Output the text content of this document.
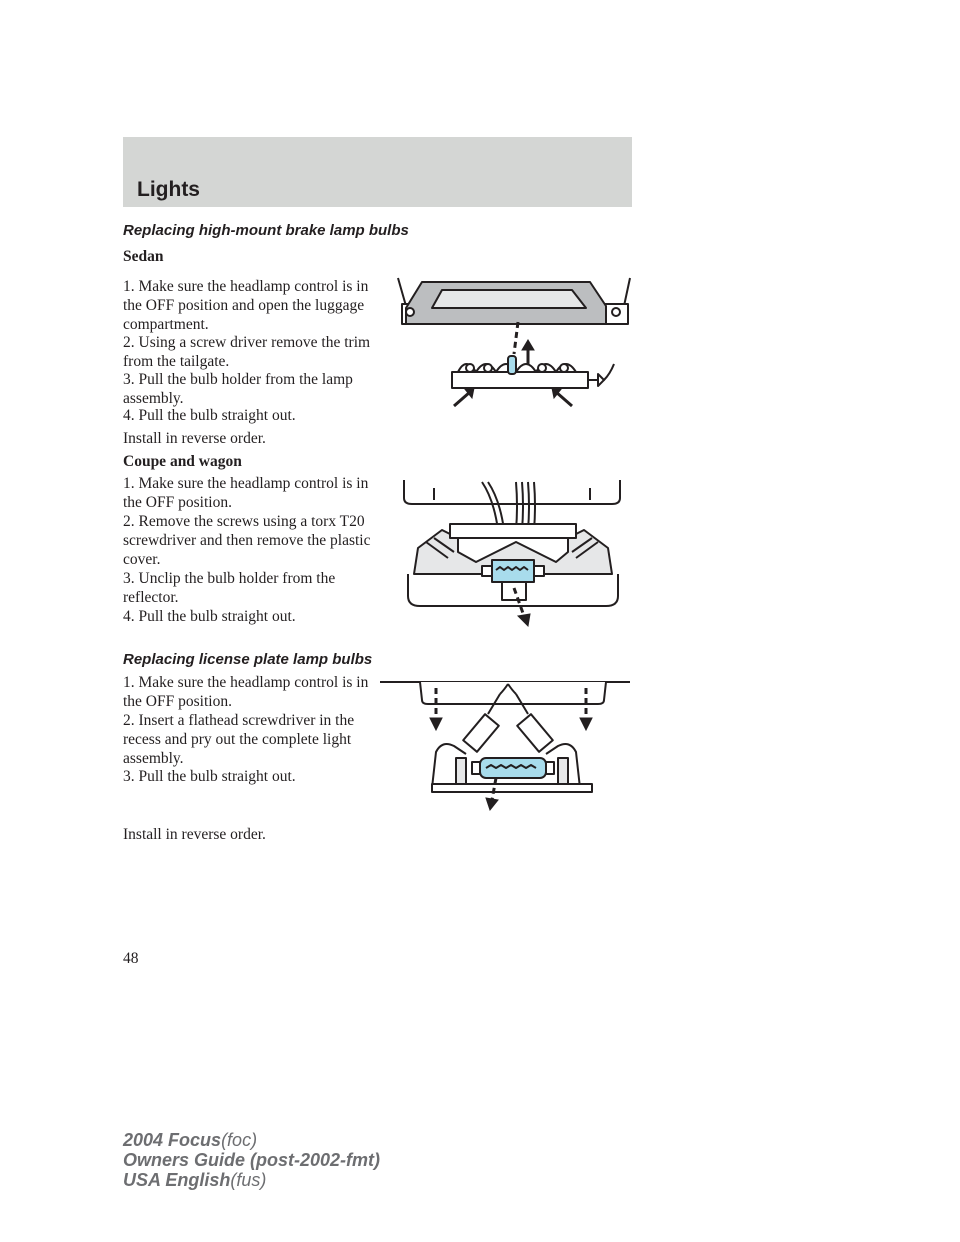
Lights
Replacing high-mount brake lamp bulbs
Sedan
1. Make sure the headlamp control is in the OFF position and open the luggage compartment.
2. Using a screw driver remove the trim from the tailgate.
3. Pull the bulb holder from the lamp assembly.
4. Pull the bulb straight out.
Install in reverse order.
Coupe and wagon
1. Make sure the headlamp control is in the OFF position.
2. Remove the screws using a torx T20 screwdriver and then remove the plastic cover.
3. Unclip the bulb holder from the reflector.
4. Pull the bulb straight out.
Replacing license plate lamp bulbs
1. Make sure the headlamp control is in the OFF position.
2. Insert a flathead screwdriver in the recess and pry out the complete light assembly.
3. Pull the bulb straight out.
Install in reverse order.
48
2004 Focus(foc)
Owners Guide (post-2002-fmt)
USA English(fus)
